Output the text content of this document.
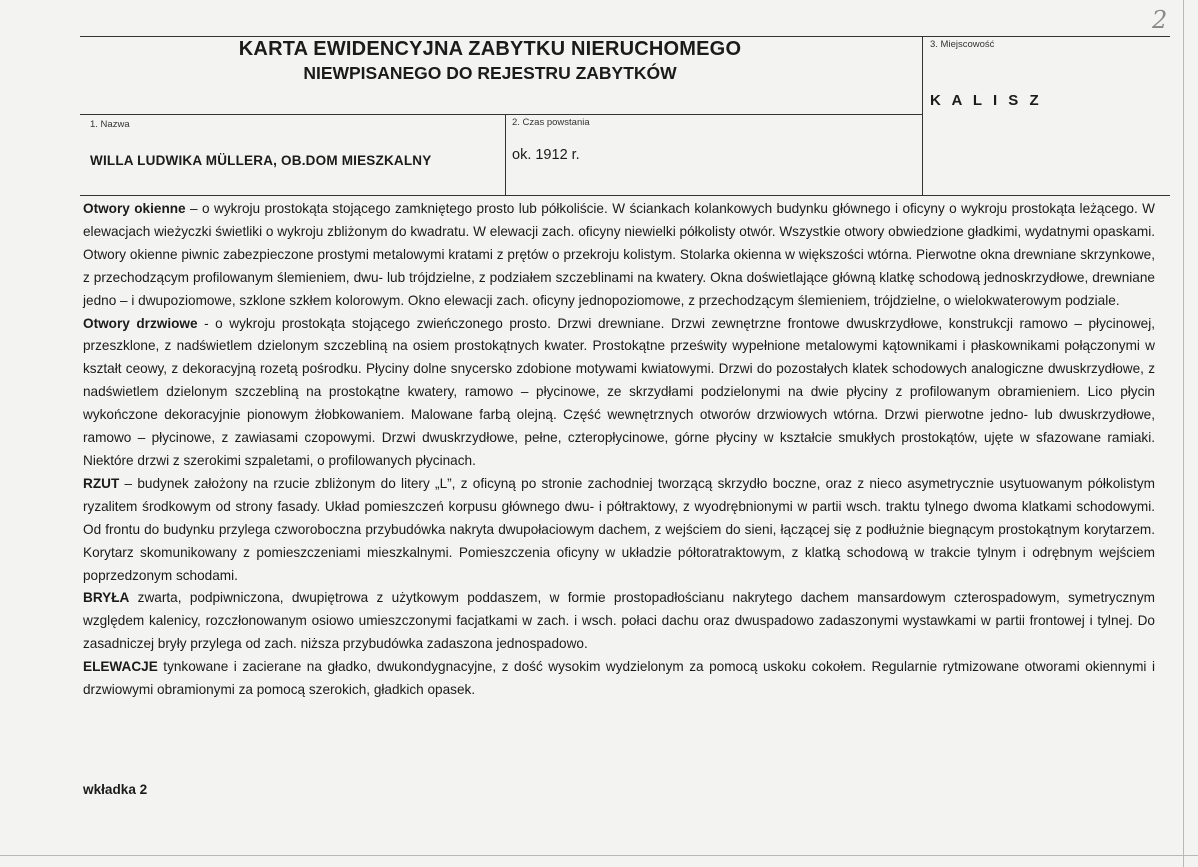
2
KARTA EWIDENCYJNA ZABYTKU NIERUCHOMEGO
NIEWPISANEGO DO REJESTRU ZABYTKÓW
3. Miejscowość
K A L I S Z
1. Nazwa
WILLA LUDWIKA MÜLLERA, OB.DOM MIESZKALNY
2. Czas powstania
ok. 1912 r.

Otwory okienne – o wykroju prostokąta stojącego zamkniętego prosto lub półkoliście. W ściankach kolankowych budynku głównego i oficyny o wykroju prostokąta leżącego. W elewacjach wieżyczki świetliki o wykroju zbliżonym do kwadratu. W elewacji zach. oficyny niewielki półkolisty otwór. Wszystkie otwory obwiedzione gładkimi, wydatnymi opaskami. Otwory okienne piwnic zabezpieczone prostymi metalowymi kratami z prętów o przekroju kolistym. Stolarka okienna w większości wtórna. Pierwotne okna drewniane skrzynkowe, z przechodzącym profilowanym ślemieniem, dwu- lub trójdzielne, z podziałem szczeblinami na kwatery. Okna doświetlające główną klatkę schodową jednoskrzydłowe, drewniane jedno – i dwupoziomowe, szklone szkłem kolorowym. Okno elewacji zach. oficyny jednopoziomowe, z przechodzącym ślemieniem, trójdzielne, o wielokwaterowym podziale.

Otwory drzwiowe - o wykroju prostokąta stojącego zwieńczonego prosto. Drzwi drewniane. Drzwi zewnętrzne frontowe dwuskrzydłowe, konstrukcji ramowo – płycinowej, przeszklone, z nadświetlem dzielonym szczebliną na osiem prostokątnych kwater. Prostokątne prześwity wypełnione metalowymi kątownikami i płaskownikami połączonymi w kształt ceowy, z dekoracyjną rozetą pośrodku. Płyciny dolne snycersko zdobione motywami kwiatowymi. Drzwi do pozostałych klatek schodowych analogiczne dwuskrzydłowe, z nadświetlem dzielonym szczebliną na prostokątne kwatery, ramowo – płycinowe, ze skrzydłami podzielonymi na dwie płyciny z profilowanym obramieniem. Lico płycin wykończone dekoracyjnie pionowym żłobkowaniem. Malowane farbą olejną. Część wewnętrznych otworów drzwiowych wtórna. Drzwi pierwotne jedno- lub dwuskrzydłowe, ramowo – płycinowe, z zawiasami czopowymi. Drzwi dwuskrzydłowe, pełne, czteropłycinowe, górne płyciny w kształcie smukłych prostokątów, ujęte w sfazowane ramiaki. Niektóre drzwi z szerokimi szpaletami, o profilowanych płycinach.

RZUT – budynek założony na rzucie zbliżonym do litery „L”, z oficyną po stronie zachodniej tworzącą skrzydło boczne, oraz z nieco asymetrycznie usytuowanym półkolistym ryzalitem środkowym od strony fasady. Układ pomieszczeń korpusu głównego dwu- i półtraktowy, z wyodrębnionymi w partii wsch. traktu tylnego dwoma klatkami schodowymi. Od frontu do budynku przylega czworoboczna przybudówka nakryta dwupołaciowym dachem, z wejściem do sieni, łączącej się z podłużnie biegnącym prostokątnym korytarzem. Korytarz skomunikowany z pomieszczeniami mieszkalnymi. Pomieszczenia oficyny w układzie półtoratraktowym, z klatką schodową w trakcie tylnym i odrębnym wejściem poprzedzonym schodami.

BRYŁA zwarta, podpiwniczona, dwupiętrowa z użytkowym poddaszem, w formie prostopadłościanu nakrytego dachem mansardowym czterospadowym, symetrycznym względem kalenicy, rozczłonowanym osiowo umieszczonymi facjatkami w zach. i wsch. połaci dachu oraz dwuspadowo zadaszonymi wystawkami w partii frontowej i tylnej. Do zasadniczej bryły przylega od zach. niższa przybudówka zadaszona jednospadowo.

ELEWACJE tynkowane i zacierane na gładko, dwukondygnacyjne, z dość wysokim wydzielonym za pomocą uskoku cokołem. Regularnie rytmizowane otworami okiennymi i drzwiowymi obramionymi za pomocą szerokich, gładkich opasek.

wkładka 2
